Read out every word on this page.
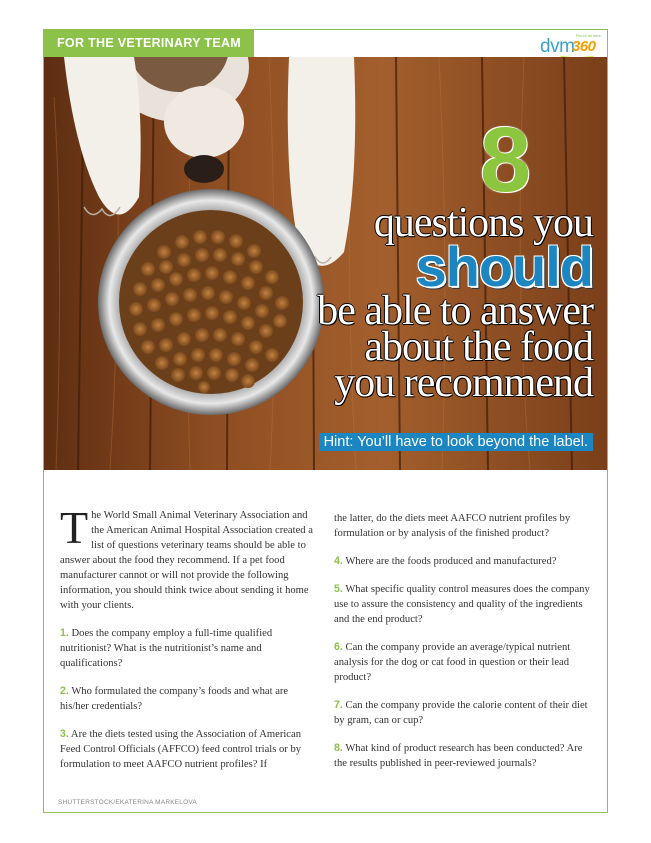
FOR THE VETERINARY TEAM
Find it all here.
dvm
360
8
questions you
should
be able to answer
about the food
you recommend
Hint: You’ll have to look beyond the label.

The World Small Animal Veterinary Association and the American Animal Hospital Association created a list of questions veterinary teams should be able to answer about the food they recommend. If a pet food manufacturer cannot or will not provide the following information, you should think twice about sending it home with your clients.

1. Does the company employ a full-time qualified nutritionist? What is the nutritionist’s name and qualifications?

2. Who formulated the company’s foods and what are his/her credentials?

3. Are the diets tested using the Association of American Feed Control Officials (AFFCO) feed control trials or by formulation to meet AAFCO nutrient profiles? If

the latter, do the diets meet AAFCO nutrient profiles by formulation or by analysis of the finished product?

4. Where are the foods produced and manufactured?

5. What specific quality control measures does the company use to assure the consistency and quality of the ingredients and the end product?

6. Can the company provide an average/typical nutrient analysis for the dog or cat food in question or their lead product?

7. Can the company provide the calorie content of their diet by gram, can or cup?

8. What kind of product research has been conducted? Are the results published in peer-reviewed journals?

SHUTTERSTOCK/EKATERINA MARKELOVA
